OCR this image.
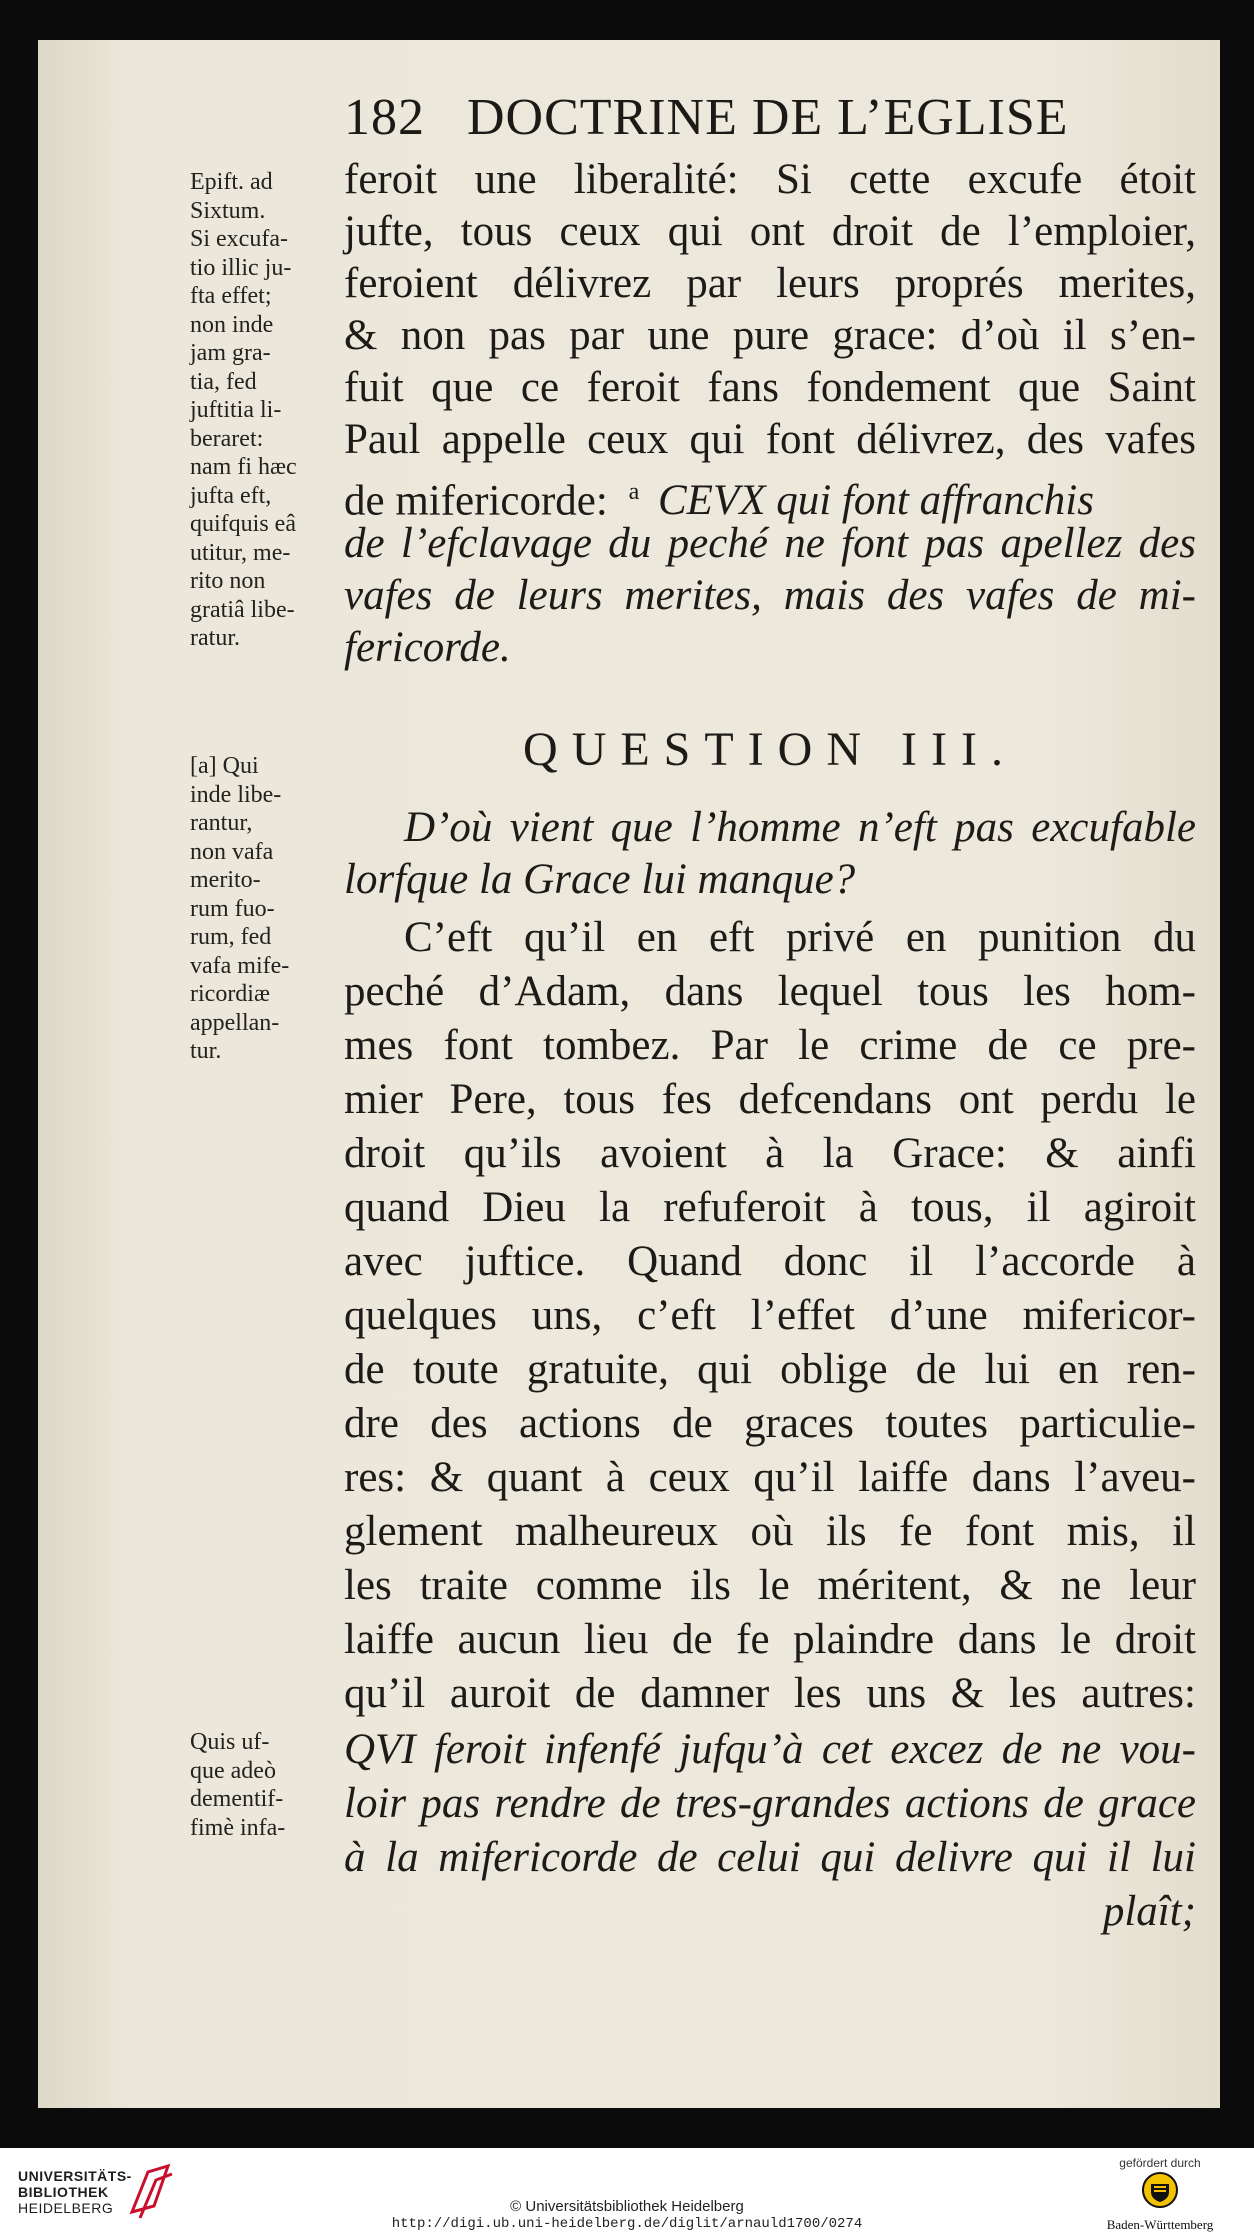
182 DOCTRINE DE L’EGLISE
feroit une liberalité: Si cette excufe étoit
jufte, tous ceux qui ont droit de l’emploier,
feroient délivrez par leurs proprés merites,
& non pas par une pure grace: d’où il s’en-
fuit que ce feroit fans fondement que Saint
Paul appelle ceux qui font délivrez, des vafes
de mifericorde: $^a$ CEVX qui font affranchis
de l’efclavage du peché ne font pas apellez des
vafes de leurs merites, mais des vafes de mi-
fericorde.
QUESTION III.
D’où vient que l’homme n’eft pas excufable
lorfque la Grace lui manque?
C’eft qu’il en eft privé en punition du
peché d’Adam, dans lequel tous les hom-
mes font tombez. Par le crime de ce pre-
mier Pere, tous fes defcendans ont perdu le
droit qu’ils avoient à la Grace: & ainfi
quand Dieu la refuferoit à tous, il agiroit
avec juftice. Quand donc il l’accorde à
quelques uns, c’eft l’effet d’une mifericor-
de toute gratuite, qui oblige de lui en ren-
dre des actions de graces toutes particulie-
res: & quant à ceux qu’il laiffe dans l’aveu-
glement malheureux où ils fe font mis, il
les traite comme ils le méritent, & ne leur
laiffe aucun lieu de fe plaindre dans le droit
qu’il auroit de damner les uns & les autres:
QVI feroit infenfé jufqu’à cet excez de ne vou-
loir pas rendre de tres-grandes actions de grace
à la mifericorde de celui qui delivre qui il lui
plaît;
Epift. ad
Sixtum.
Si excufa-
tio illic ju-
fta effet;
non inde
jam gra-
tia, fed
juftitia li-
beraret:
nam fi hæc
jufta eft,
quifquis eâ
utitur, me-
rito non
gratiâ libe-
ratur.
[a] Qui
inde libe-
rantur,
non vafa
merito-
rum fuo-
rum, fed
vafa mife-
ricordiæ
appellan-
tur.
Quis uf-
que adeò
dementif-
fimè infa-
UNIVERSITÄTS-
BIBLIOTHEK
HEIDELBERG	© Universitätsbibliothek Heidelberg
http://digi.ub.uni-heidelberg.de/diglit/arnauld1700/0274
gefördert durch
Baden-Württemberg
